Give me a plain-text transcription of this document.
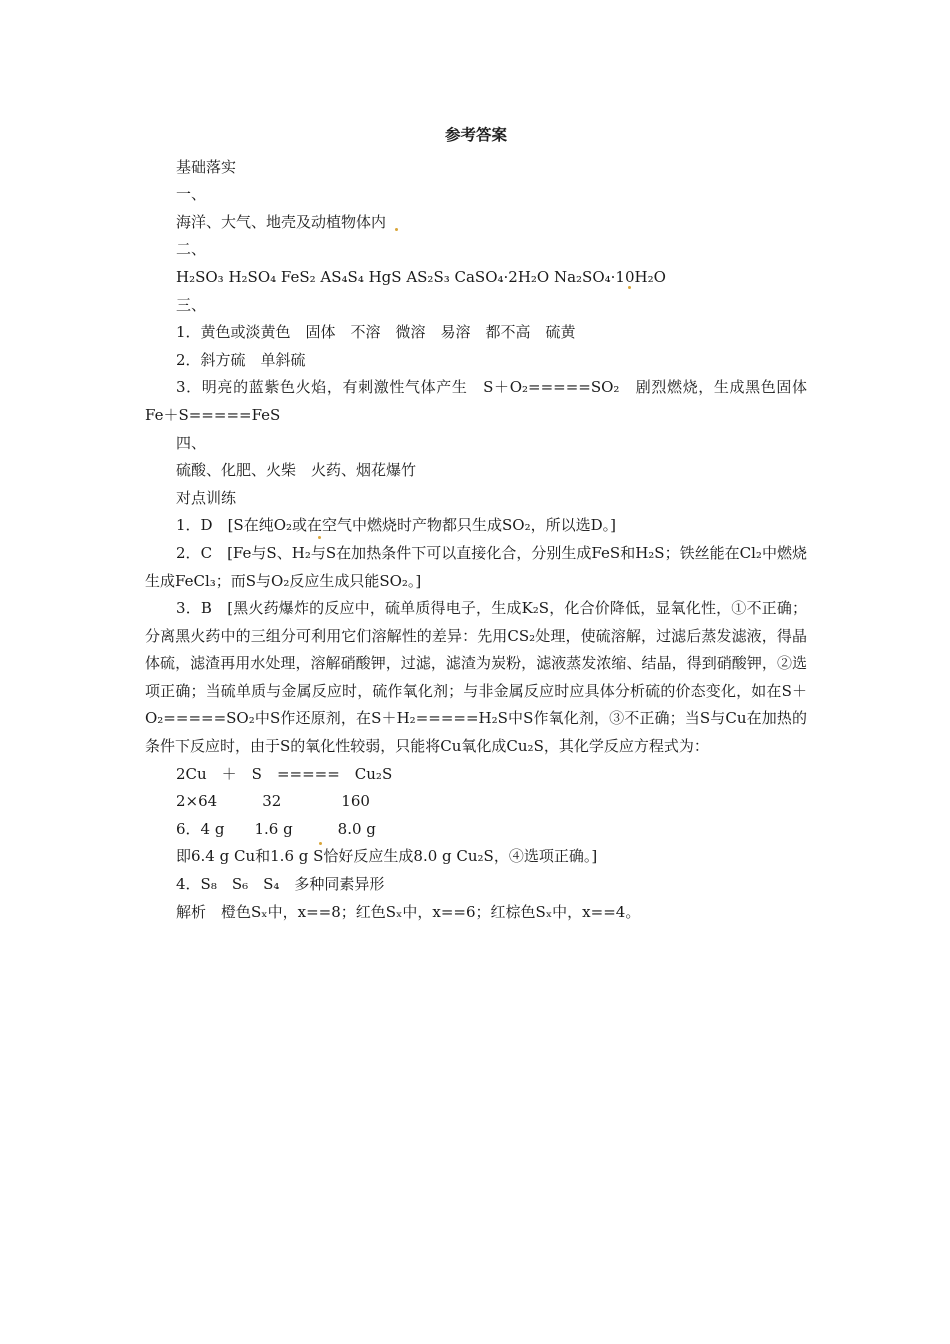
参考答案
基础落实
一、
海洋、大气、地壳及动植物体内
二、
H₂SO₃ H₂SO₄ FeS₂ AS₄S₄ HgS AS₂S₃ CaSO₄·2H₂O Na₂SO₄·10H₂O
三、
1．黄色或淡黄色　固体　不溶　微溶　易溶　都不高　硫黄
2．斜方硫　单斜硫
3．明亮的蓝紫色火焰，有刺激性气体产生　S＋O₂=====SO₂　剧烈燃烧，生成黑色固体　Fe＋S=====FeS
四、
硫酸、化肥、火柴　火药、烟花爆竹
对点训练
1．D　[S在纯O₂或在空气中燃烧时产物都只生成SO₂，所以选D。]
2．C　[Fe与S、H₂与S在加热条件下可以直接化合，分别生成FeS和H₂S；铁丝能在Cl₂中燃烧生成FeCl₃；而S与O₂反应生成只能SO₂。]
3．B　[黑火药爆炸的反应中，硫单质得电子，生成K₂S，化合价降低，显氧化性，①不正确；分离黑火药中的三组分可利用它们溶解性的差异：先用CS₂处理，使硫溶解，过滤后蒸发滤液，得晶体硫，滤渣再用水处理，溶解硝酸钾，过滤，滤渣为炭粉，滤液蒸发浓缩、结晶，得到硝酸钾，②选项正确；当硫单质与金属反应时，硫作氧化剂；与非金属反应时应具体分析硫的价态变化，如在S＋O₂=====SO₂中S作还原剂，在S＋H₂=====H₂S中S作氧化剂，③不正确；当S与Cu在加热的条件下反应时，由于S的氧化性较弱，只能将Cu氧化成Cu₂S，其化学反应方程式为：
2Cu　＋　S　=====　Cu₂S
2×64　　　32　　　　160
6．4 g　　1.6 g　　　8.0 g
即6.4 g Cu和1.6 g S恰好反应生成8.0 g Cu₂S，④选项正确。]
4．S₈　S₆　S₄　多种同素异形
解析　橙色Sₓ中，x==8；红色Sₓ中，x==6；红棕色Sₓ中，x==4。
